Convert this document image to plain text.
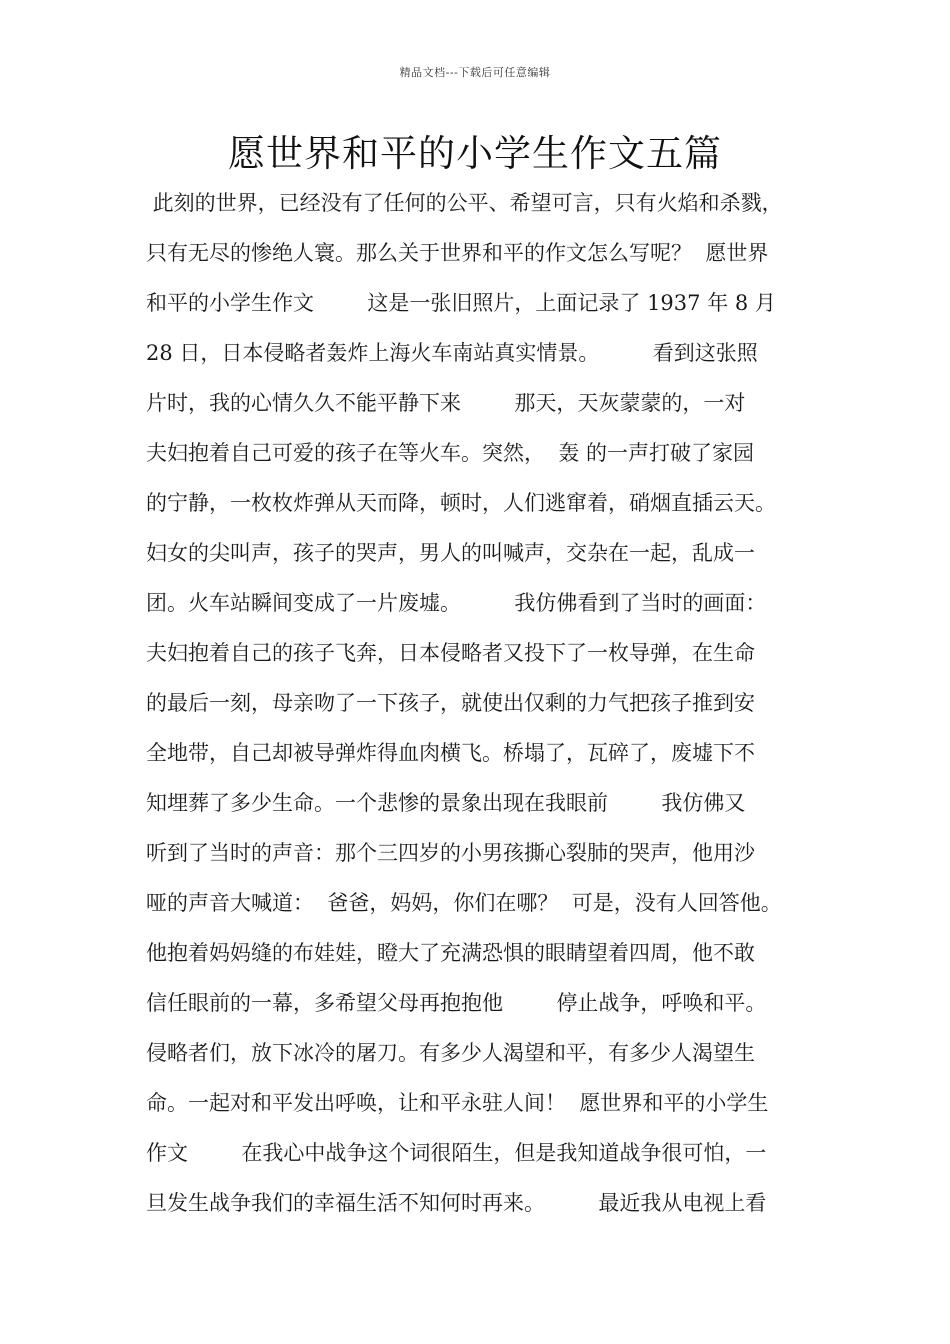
精品文档---下载后可任意编辑
愿世界和平的小学生作文五篇
此刻的世界，已经没有了任何的公平、希望可言，只有火焰和杀戮，
只有无尽的惨绝人寰。那么关于世界和平的作文怎么写呢？  愿世界
和平的小学生作文        这是一张旧照片，上面记录了 1937 年 8 月
28 日，日本侵略者轰炸上海火车南站真实情景。        看到这张照
片时，我的心情久久不能平静下来        那天，天灰蒙蒙的，一对
夫妇抱着自己可爱的孩子在等火车。突然，  轰 的一声打破了家园
的宁静，一枚枚炸弹从天而降，顿时，人们逃窜着，硝烟直插云天。
妇女的尖叫声，孩子的哭声，男人的叫喊声，交杂在一起，乱成一
团。火车站瞬间变成了一片废墟。        我仿佛看到了当时的画面：
夫妇抱着自己的孩子飞奔，日本侵略者又投下了一枚导弹，在生命
的最后一刻，母亲吻了一下孩子，就使出仅剩的力气把孩子推到安
全地带，自己却被导弹炸得血肉横飞。桥塌了，瓦碎了，废墟下不
知埋葬了多少生命。一个悲惨的景象出现在我眼前        我仿佛又
听到了当时的声音：那个三四岁的小男孩撕心裂肺的哭声，他用沙
哑的声音大喊道：  爸爸，妈妈，你们在哪？  可是，没有人回答他。
他抱着妈妈缝的布娃娃，瞪大了充满恐惧的眼睛望着四周，他不敢
信任眼前的一幕，多希望父母再抱抱他        停止战争，呼唤和平。
侵略者们，放下冰冷的屠刀。有多少人渴望和平，有多少人渴望生
命。一起对和平发出呼唤，让和平永驻人间！  愿世界和平的小学生
作文        在我心中战争这个词很陌生，但是我知道战争很可怕，一
旦发生战争我们的幸福生活不知何时再来。        最近我从电视上看
